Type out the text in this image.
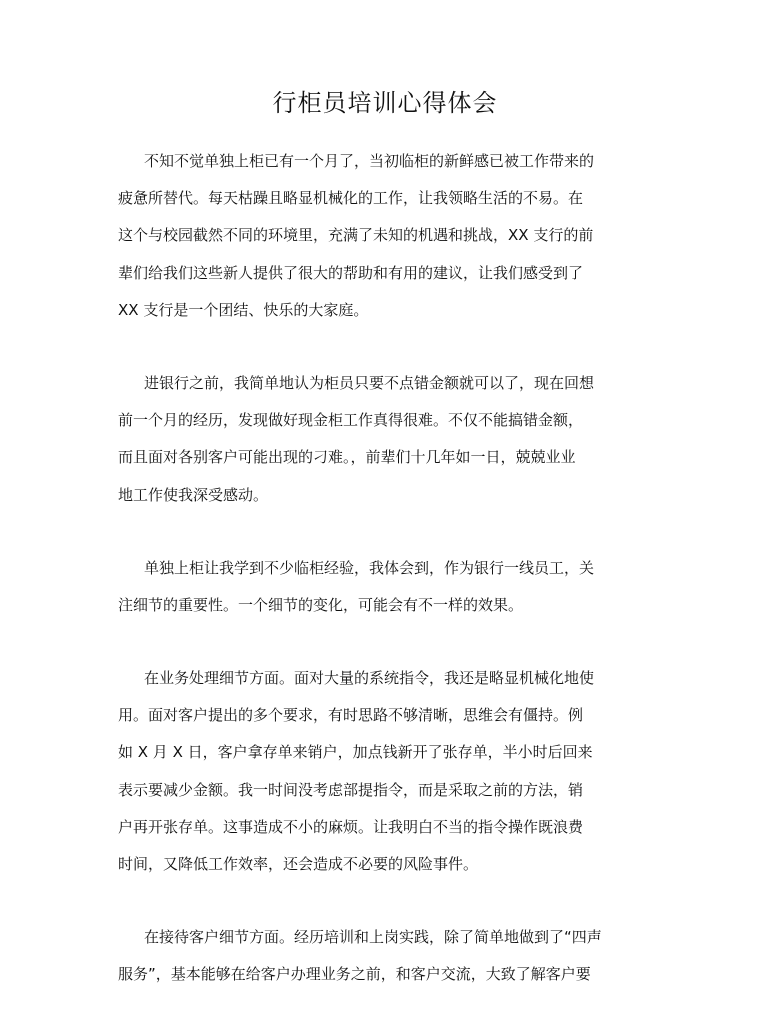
行柜员培训心得体会

不知不觉单独上柜已有一个月了，当初临柜的新鲜感已被工作带来的
疲惫所替代。每天枯躁且略显机械化的工作，让我领略生活的不易。在
这个与校园截然不同的环境里，充满了未知的机遇和挑战，XX 支行的前
辈们给我们这些新人提供了很大的帮助和有用的建议，让我们感受到了
XX 支行是一个团结、快乐的大家庭。

进银行之前，我简单地认为柜员只要不点错金额就可以了，现在回想
前一个月的经历，发现做好现金柜工作真得很难。不仅不能搞错金额，
而且面对各别客户可能出现的刁难。，前辈们十几年如一日，兢兢业业
地工作使我深受感动。

单独上柜让我学到不少临柜经验，我体会到，作为银行一线员工，关
注细节的重要性。一个细节的变化，可能会有不一样的效果。

在业务处理细节方面。面对大量的系统指令，我还是略显机械化地使
用。面对客户提出的多个要求，有时思路不够清晰，思维会有僵持。例
如 X 月 X 日，客户拿存单来销户，加点钱新开了张存单，半小时后回来
表示要减少金额。我一时间没考虑部提指令，而是采取之前的方法，销
户再开张存单。这事造成不小的麻烦。让我明白不当的指令操作既浪费
时间，又降低工作效率，还会造成不必要的风险事件。

在接待客户细节方面。经历培训和上岗实践，除了简单地做到了“四声
服务”，基本能够在给客户办理业务之前，和客户交流，大致了解客户要
